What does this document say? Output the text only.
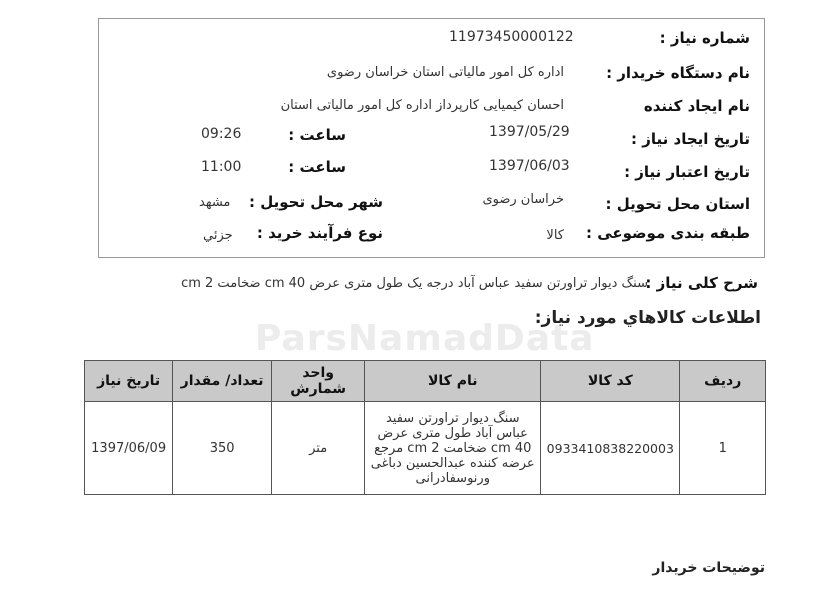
ParsNamadData
شماره نیاز :
11973450000122
نام دستگاه خریدار :
اداره کل امور مالیاتی استان خراسان رضوی
نام ایجاد کننده
احسان کیمیایی کارپرداز اداره کل امور مالیاتی استان
تاریخ ایجاد نیاز :
1397/05/29
ساعت :
09:26
تاریخ اعتبار نیاز :
1397/06/03
ساعت :
11:00
استان محل تحویل :
خراسان رضوی
شهر محل تحویل :
مشهد
طبقه بندی موضوعی :
کالا
نوع فرآیند خرید :
جزئي
شرح کلی نیاز :
سنگ دیوار تراورتن سفید عباس آباد درجه یک طول متری عرض 40 cm ضخامت 2 cm
اطلاعات کالاهاي مورد نياز:
رديف	کد کالا	نام کالا	واحد شمارش	تعداد/ مقدار	تاريخ نياز
1	0933410838220003	سنگ دیوار تراورتن سفید عباس آباد طول متری عرض 40 cm ضخامت 2 cm مرجع عرضه کننده عبدالحسین دباغی ورنوسفادرانی	متر	350	1397/06/09
توضیحات خریدار
